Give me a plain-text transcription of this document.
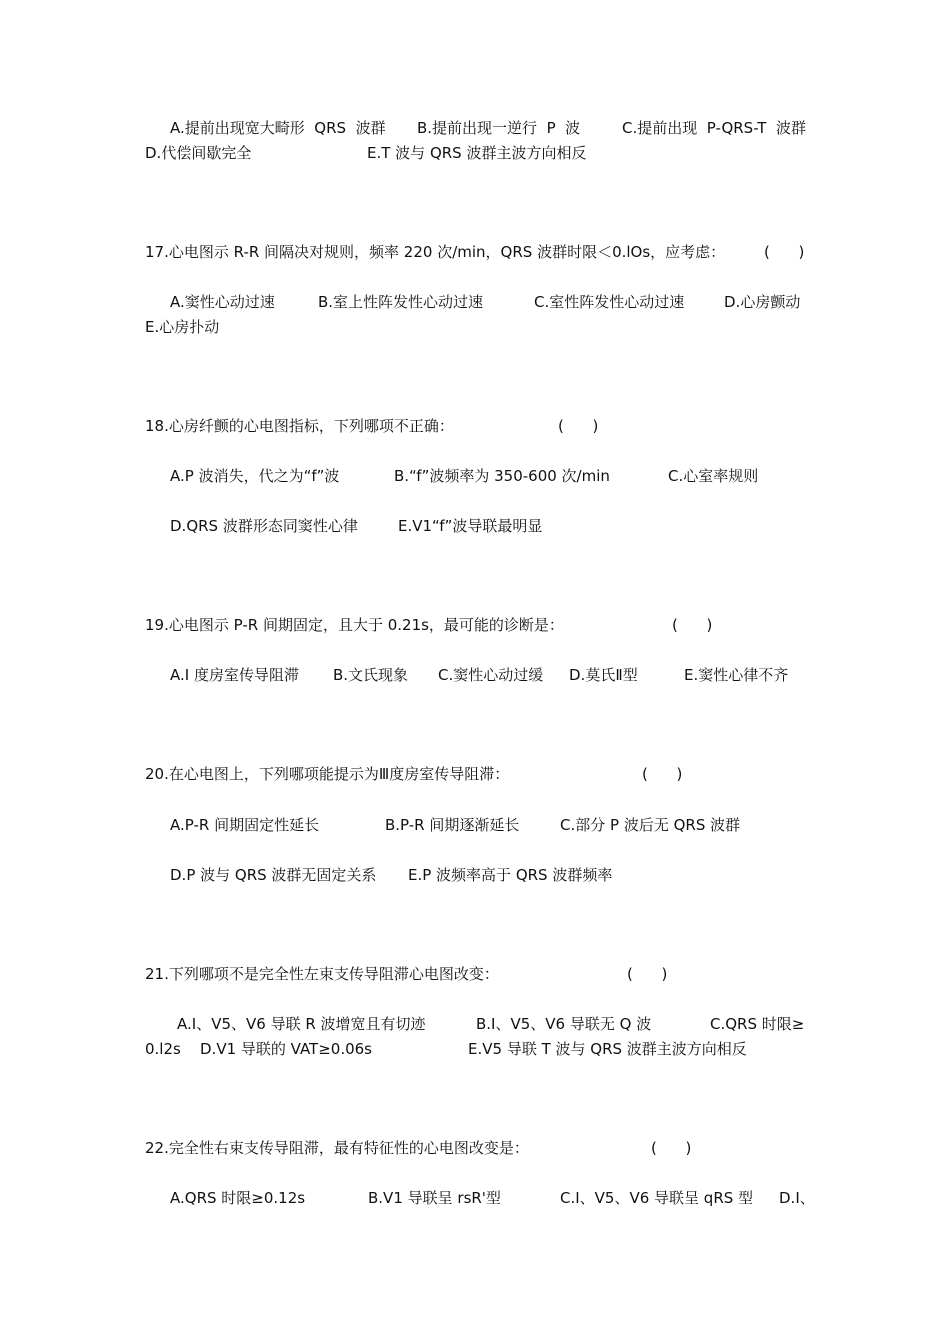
A.提前出现宽大畸形  QRS  波群 B.提前出现一逆行  P  波	C.提前出现  P-QRS-T  波群
D.代偿间歇完全	E.T 波与 QRS 波群主波方向相反
17.心电图示 R-R 间隔决对规则，频率 220 次/min，QRS 波群时限＜0.lOs，应考虑：	(      )
A.窦性心动过速	B.室上性阵发性心动过速	C.室性阵发性心动过速	D.心房颤动
E.心房扑动
18.心房纤颤的心电图指标，下列哪项不正确：	(      )
A.P 波消失，代之为“f”波	B.“f”波频率为 350-600 次/min	C.心室率规则
D.QRS 波群形态同窦性心律	E.V1“f”波导联最明显
19.心电图示 P-R 间期固定，且大于 0.21s，最可能的诊断是：	(      )
A.I 度房室传导阻滞 B.文氏现象 C.窦性心动过缓 D.莫氏Ⅱ型	E.窦性心律不齐
20.在心电图上，下列哪项能提示为Ⅲ度房室传导阻滞：	(      )
A.P-R 间期固定性延长	B.P-R 间期逐渐延长	C.部分 P 波后无 QRS 波群
D.P 波与 QRS 波群无固定关系 E.P 波频率高于 QRS 波群频率
21.下列哪项不是完全性左束支传导阻滞心电图改变：	(      )
A.Ⅰ、V5、V6 导联 R 波增宽且有切迹	B.Ⅰ、V5、V6 导联无 Q 波	C.QRS 时限≥
0.l2s D.V1 导联的 VAT≥0.06s	E.V5 导联 T 波与 QRS 波群主波方向相反
22.完全性右束支传导阻滞，最有特征性的心电图改变是：	(      )
A.QRS 时限≥0.12s	B.V1 导联呈 rsR'型	C.I、V5、V6 导联呈 qRS 型 D.I、
